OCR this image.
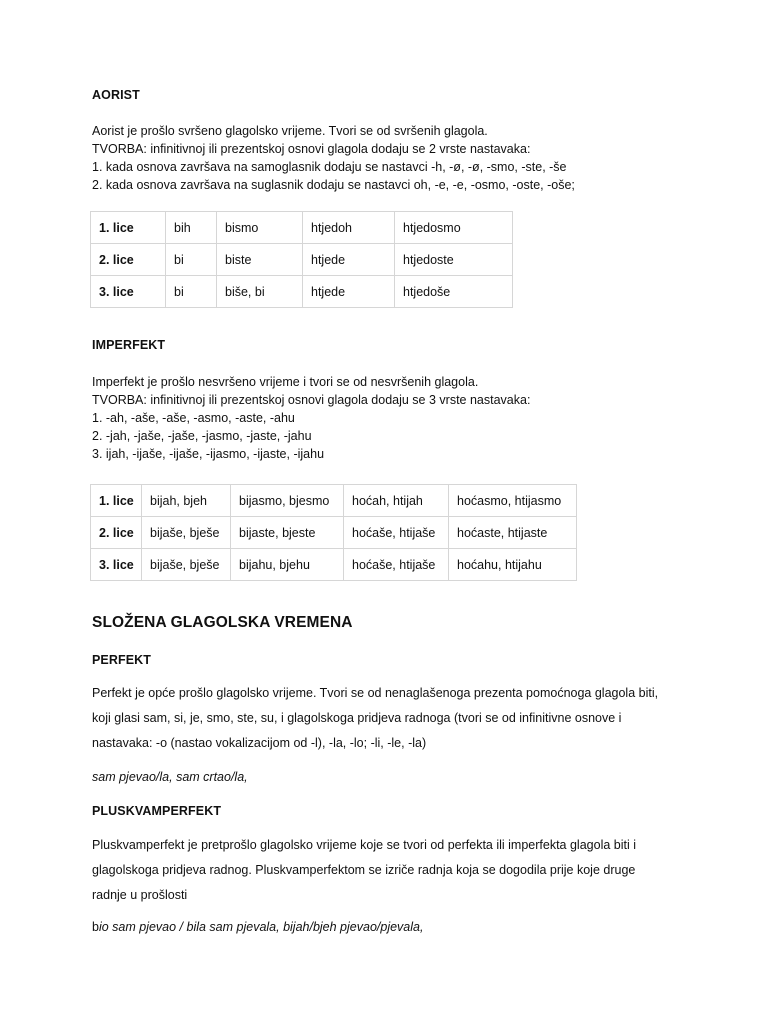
AORIST
Aorist je prošlo svršeno glagolsko vrijeme. Tvori se od svršenih glagola.
TVORBA: infinitivnoj ili prezentskoj osnovi glagola dodaju se 2 vrste nastavaka:
1. kada osnova završava na samoglasnik dodaju se nastavci -h, -ø, -ø, -smo, -ste, -še
2. kada osnova završava na suglasnik dodaju se nastavci oh, -e, -e, -osmo, -oste, -oše;
1. lice	bih	bismo	htjedoh	htjedosmo
2. lice	bi	biste	htjede	htjedoste
3. lice	bi	biše, bi	htjede	htjedoše
IMPERFEKT
Imperfekt je prošlo nesvršeno vrijeme i tvori se od nesvršenih glagola.
TVORBA: infinitivnoj ili prezentskoj osnovi glagola dodaju se 3 vrste nastavaka:
1. -ah, -aše, -aše, -asmo, -aste, -ahu
2. -jah, -jaše, -jaše, -jasmo, -jaste, -jahu
3. ijah, -ijaše, -ijaše, -ijasmo, -ijaste, -ijahu
1. lice	bijah, bjeh	bijasmo, bjesmo	hoćah, htijah	hoćasmo, htijasmo
2. lice	bijaše, bješe	bijaste, bjeste	hoćaše, htijaše	hoćaste, htijaste
3. lice	bijaše, bješe	bijahu, bjehu	hoćaše, htijaše	hoćahu, htijahu
SLOŽENA GLAGOLSKA VREMENA
PERFEKT
Perfekt je opće prošlo glagolsko vrijeme. Tvori se od nenaglašenoga prezenta pomoćnoga glagola biti,
koji glasi sam, si, je, smo, ste, su, i glagolskoga pridjeva radnoga (tvori se od infinitivne osnove i
nastavaka: -o (nastao vokalizacijom od -l), -la, -lo; -li, -le, -la)
sam pjevao/la, sam crtao/la,
PLUSKVAMPERFEKT
Pluskvamperfekt je pretprošlo glagolsko vrijeme koje se tvori od perfekta ili imperfekta glagola biti i
glagolskoga pridjeva radnog. Pluskvamperfektom se izriče radnja koja se dogodila prije koje druge
radnje u prošlosti
bio sam pjevao / bila sam pjevala, bijah/bjeh pjevao/pjevala,
